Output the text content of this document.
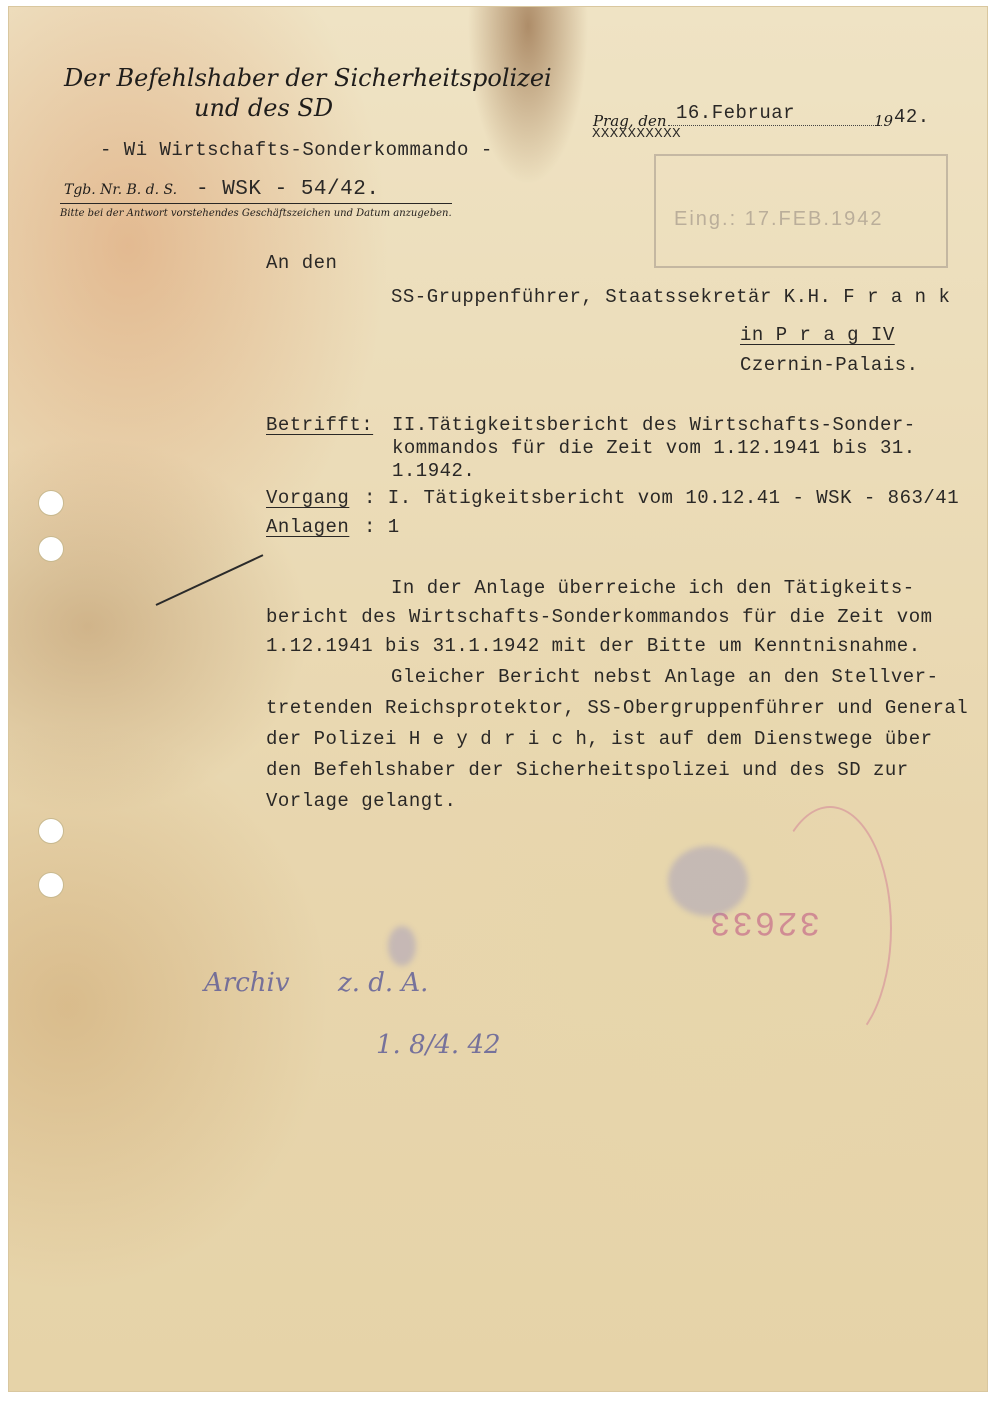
Der Befehlshaber der Sicherheitspolizei
und des SD
- Wi Wirtschafts-Sonderkommando -
Tgb. Nr. B. d. S. - WSK - 54/42.
Bitte bei der Antwort vorstehendes Geschäftszeichen und Datum anzugeben.
Prag, den 16.Februar	19 42.
XXXXXXXXXX
Eing.: 17.FEB.1942
An den
SS-Gruppenführer, Staatssekretär K.H. F r a n k
in P r a g IV
Czernin-Palais.
Betrifft: II.Tätigkeitsbericht des Wirtschafts-Sonder-
kommandos für die Zeit vom 1.12.1941 bis 31.
1.1942.
Vorgang : I. Tätigkeitsbericht vom 10.12.41 - WSK - 863/41
Anlagen : 1
In der Anlage überreiche ich den Tätigkeits-
bericht des Wirtschafts-Sonderkommandos für die Zeit vom
1.12.1941 bis 31.1.1942 mit der Bitte um Kenntnisnahme.
Gleicher Bericht nebst Anlage an den Stellver-
tretenden Reichsprotektor, SS-Obergruppenführer und General
der Polizei H e y d r i c h, ist auf dem Dienstwege über
den Befehlshaber der Sicherheitspolizei und des SD zur
Vorlage gelangt.
32633
Archiv z. d. A.
1. 8/4. 42
